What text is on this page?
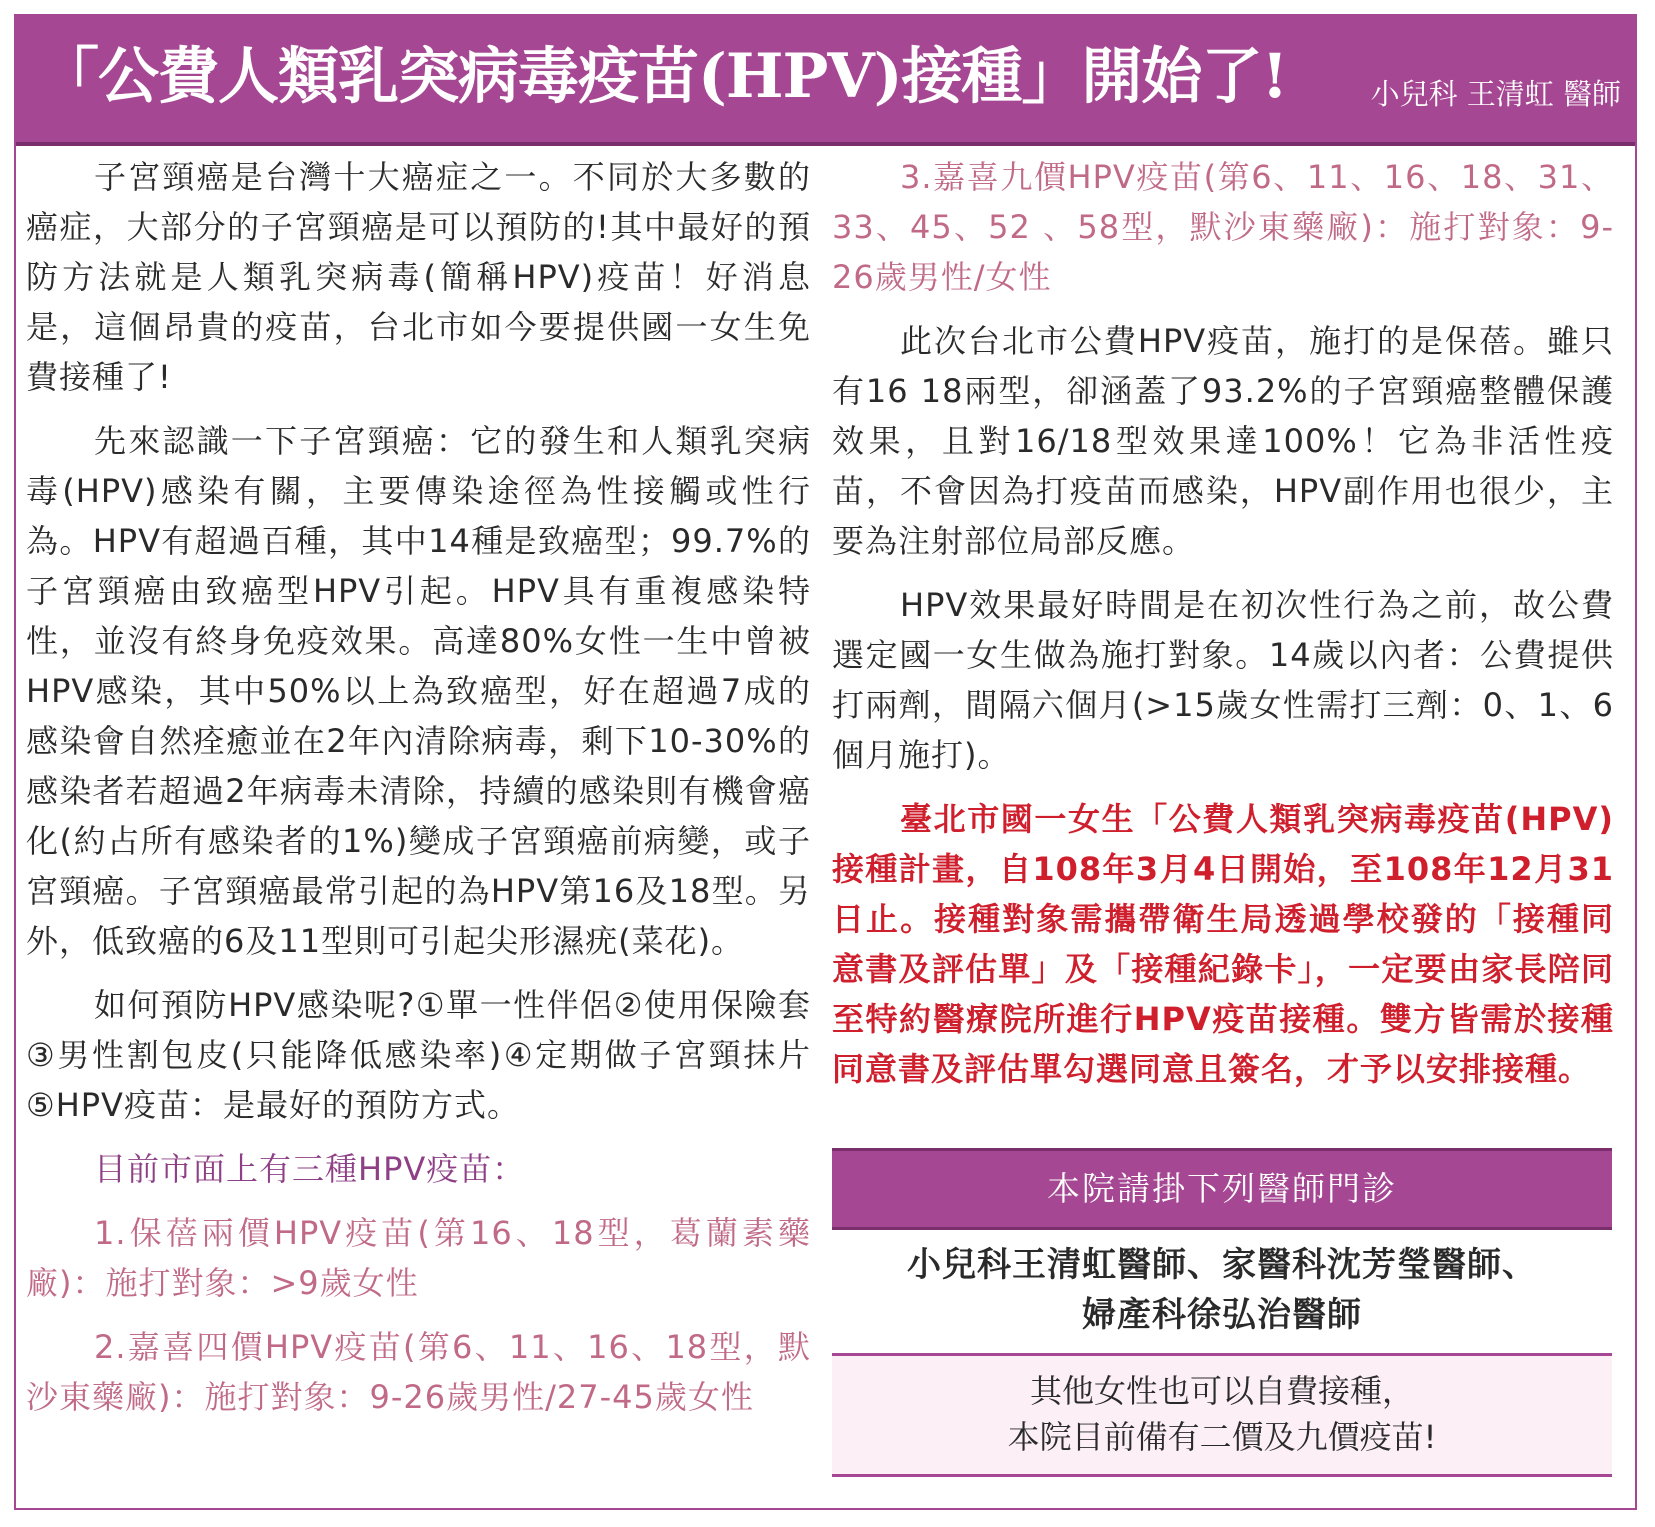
「公費人類乳突病毒疫苗(HPV)接種」開始了!	小兒科 王清虹 醫師

子宮頸癌是台灣十大癌症之一。不同於大多數的癌症，大部分的子宮頸癌是可以預防的!其中最好的預防方法就是人類乳突病毒(簡稱HPV)疫苗！好消息是，這個昂貴的疫苗，台北市如今要提供國一女生免費接種了!

先來認識一下子宮頸癌：它的發生和人類乳突病毒(HPV)感染有關，主要傳染途徑為性接觸或性行為。HPV有超過百種，其中14種是致癌型；99.7%的子宮頸癌由致癌型HPV引起。HPV具有重複感染特性，並沒有終身免疫效果。高達80%女性一生中曾被HPV感染，其中50%以上為致癌型，好在超過7成的感染會自然痊癒並在2年內清除病毒，剩下10-30%的感染者若超過2年病毒未清除，持續的感染則有機會癌化(約占所有感染者的1%)變成子宮頸癌前病變，或子宮頸癌。子宮頸癌最常引起的為HPV第16及18型。另外，低致癌的6及11型則可引起尖形濕疣(菜花)。

如何預防HPV感染呢?①單一性伴侶②使用保險套③男性割包皮(只能降低感染率)④定期做子宮頸抹片⑤HPV疫苗：是最好的預防方式。

目前市面上有三種HPV疫苗：

1.保蓓兩價HPV疫苗(第16、18型，葛蘭素藥廠)：施打對象：>9歲女性

2.嘉喜四價HPV疫苗(第6、11、16、18型，默沙東藥廠)：施打對象：9-26歲男性/27-45歲女性

3.嘉喜九價HPV疫苗(第6、11、16、18、31、33、45、52 、58型，默沙東藥廠)：施打對象：9-26歲男性/女性

此次台北市公費HPV疫苗，施打的是保蓓。雖只有16 18兩型，卻涵蓋了93.2%的子宮頸癌整體保護效果，且對16/18型效果達100%！它為非活性疫苗，不會因為打疫苗而感染，HPV副作用也很少，主要為注射部位局部反應。

HPV效果最好時間是在初次性行為之前，故公費選定國一女生做為施打對象。14歲以內者：公費提供打兩劑，間隔六個月(>15歲女性需打三劑：0、1、6個月施打)。

臺北市國一女生「公費人類乳突病毒疫苗(HPV)接種計畫，自108年3月4日開始，至108年12月31日止。接種對象需攜帶衛生局透過學校發的「接種同意書及評估單」及「接種紀錄卡」，一定要由家長陪同至特約醫療院所進行HPV疫苗接種。雙方皆需於接種同意書及評估單勾選同意且簽名，才予以安排接種。

本院請掛下列醫師門診
小兒科王清虹醫師、家醫科沈芳瑩醫師、
婦產科徐弘治醫師
其他女性也可以自費接種，
本院目前備有二價及九價疫苗!
